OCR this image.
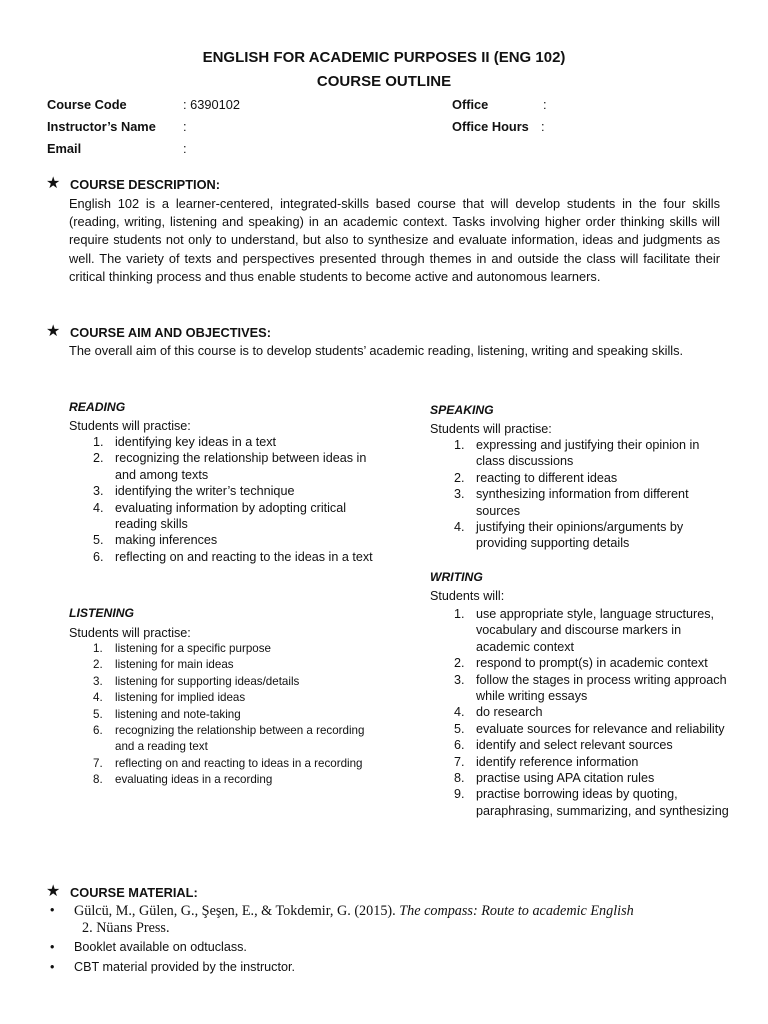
ENGLISH FOR ACADEMIC PURPOSES II (ENG 102)
COURSE OUTLINE
Course Code	: 6390102
Instructor’s Name :
Email	:
Office	:
Office Hours :
★ COURSE DESCRIPTION:

English 102 is a learner-centered, integrated-skills based course that will develop students in the four skills (reading, writing, listening and speaking) in an academic context. Tasks involving higher order thinking skills will require students not only to understand, but also to synthesize and evaluate information, ideas and judgments as well. The variety of texts and perspectives presented through themes in and outside the class will facilitate their critical thinking process and thus enable students to become active and autonomous learners.

★ COURSE AIM AND OBJECTIVES:

The overall aim of this course is to develop students’ academic reading, listening, writing and speaking skills.

READING
Students will practise:
1. identifying key ideas in a text
2. recognizing the relationship between ideas in and among texts
3. identifying the writer’s technique
4. evaluating information by adopting critical reading skills
5. making inferences
6. reflecting on and reacting to the ideas in a text
LISTENING
Students will practise:
1. listening for a specific purpose
2. listening for main ideas
3. listening for supporting ideas/details
4. listening for implied ideas
5. listening and note-taking
6. recognizing the relationship between a recording and a reading text
7. reflecting on and reacting to ideas in a recording
8. evaluating ideas in a recording
SPEAKING
Students will practise:
1. expressing and justifying their opinion in class discussions
2. reacting to different ideas
3. synthesizing information from different sources
4. justifying their opinions/arguments by providing supporting details
WRITING
Students will:
1. use appropriate style, language structures, vocabulary and discourse markers in academic context
2. respond to prompt(s) in academic context
3. follow the stages in process writing approach while writing essays
4. do research
5. evaluate sources for relevance and reliability
6. identify and select relevant sources
7. identify reference information
8. practise using APA citation rules
9. practise borrowing ideas by quoting, paraphrasing, summarizing, and synthesizing
★ COURSE MATERIAL:
• Gülcü, M., Gülen, G., Şeşen, E., & Tokdemir, G. (2015). The compass: Route to academic English
2. Nüans Press.
• Booklet available on odtuclass.
• CBT material provided by the instructor.
